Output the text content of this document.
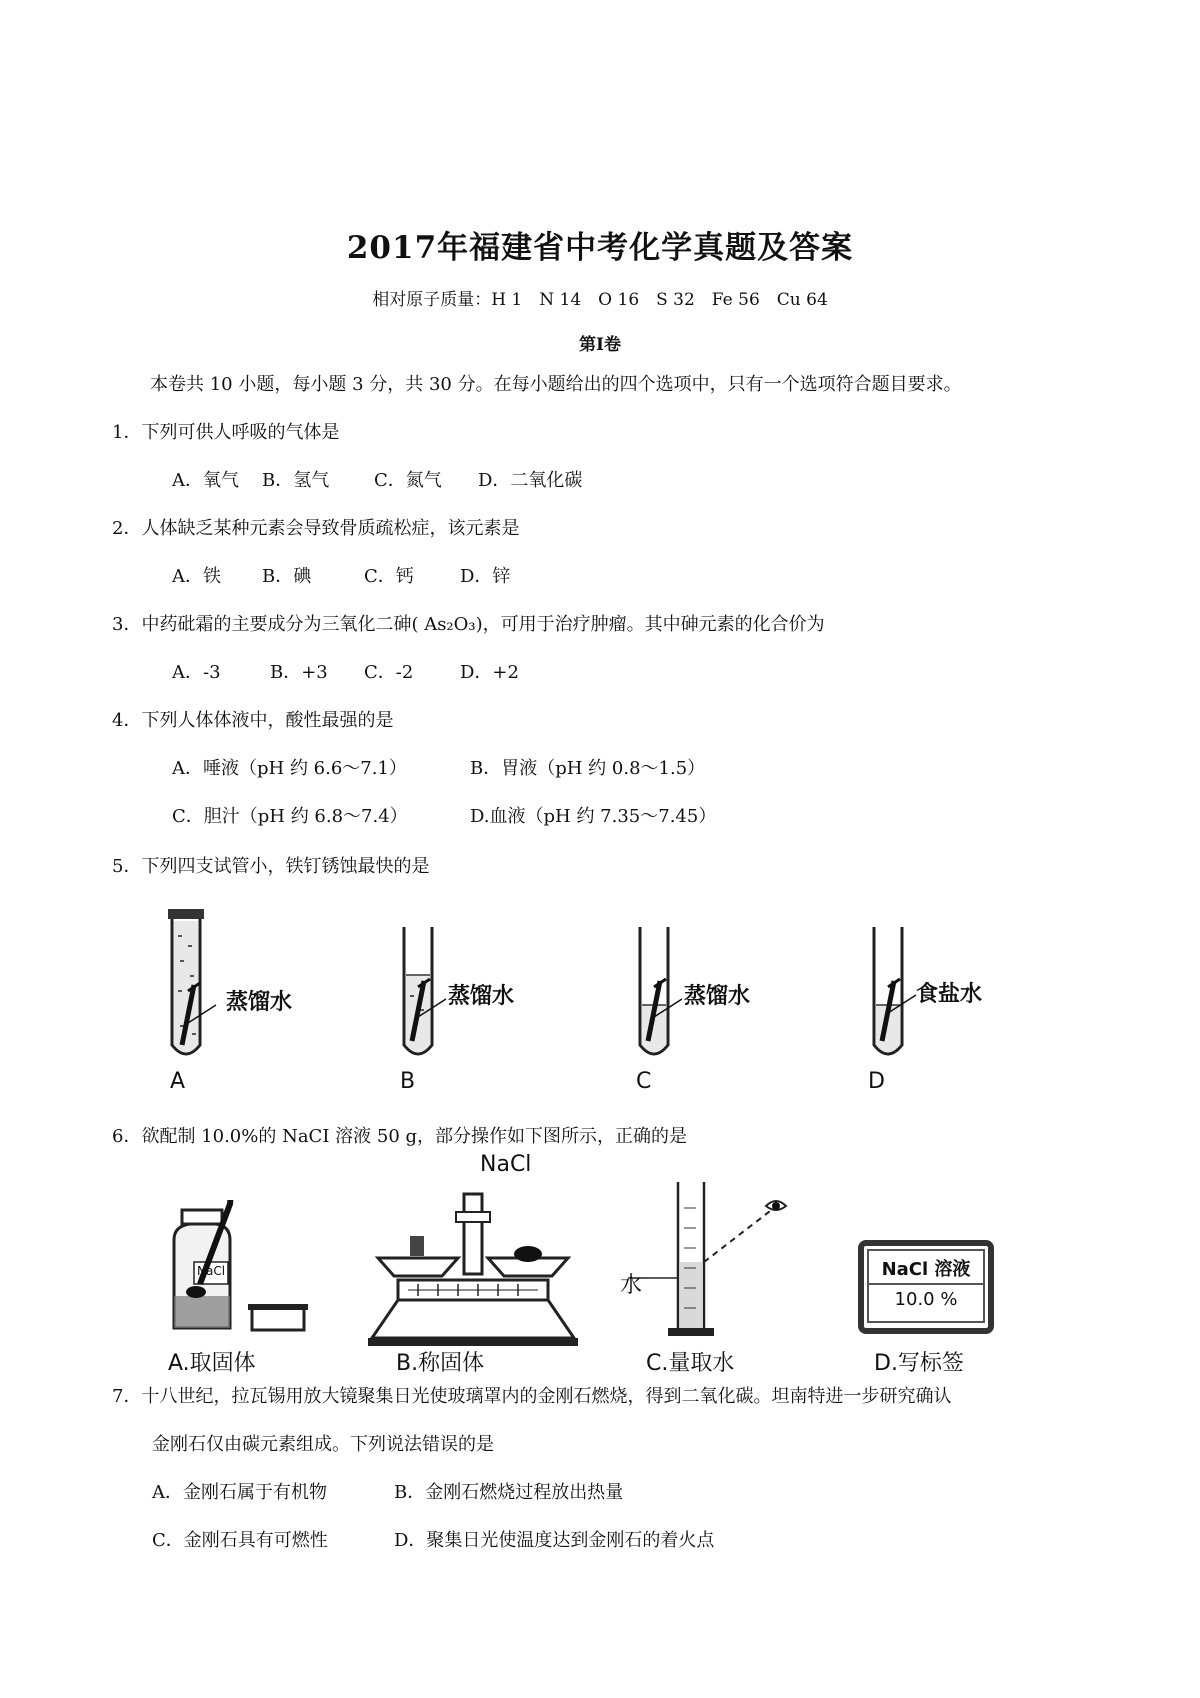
2017年福建省中考化学真题及答案
相对原子质量：H 1　N 14　O 16　S 32　Fe 56　Cu 64
第Ⅰ卷
本卷共 10 小题，每小题 3 分，共 30 分。在每小题给出的四个选项中，只有一个选项符合题目要求。
1．下列可供人呼吸的气体是
A．氧气 B．氢气 C．氮气 D．二氧化碳
2．人体缺乏某种元素会导致骨质疏松症，该元素是
A．铁 B．碘	C．钙	D．锌
3．中药砒霜的主要成分为三氧化二砷( As₂O₃)，可用于治疗肿瘤。其中砷元素的化合价为
A．-3	B．+3 C．-2	D．+2
4．下列人体体液中，酸性最强的是
A．唾液（pH 约 6.6～7.1）	B．胃液（pH 约 0.8～1.5）
C．胆汁（pH 约 6.8～7.4）	D.血液（pH 约 7.35～7.45）
5．下列四支试管小，铁钉锈蚀最快的是
蒸馏水
A
蒸馏水
B
蒸馏水
C
食盐水
D
6．欲配制 10.0%的 NaCI 溶液 50 g，部分操作如下图所示，正确的是
NaCl
A.取固体
NaCl
B.称固体
水
C.量取水
NaCl 溶液
10.0 %
D.写标签
7．十八世纪，拉瓦锡用放大镜聚集日光使玻璃罩内的金刚石燃烧，得到二氧化碳。坦南特进一步研究确认
金刚石仅由碳元素组成。下列说法错误的是
A．金刚石属于有机物	B．金刚石燃烧过程放出热量
C．金刚石具有可燃性	D．聚集日光使温度达到金刚石的着火点
